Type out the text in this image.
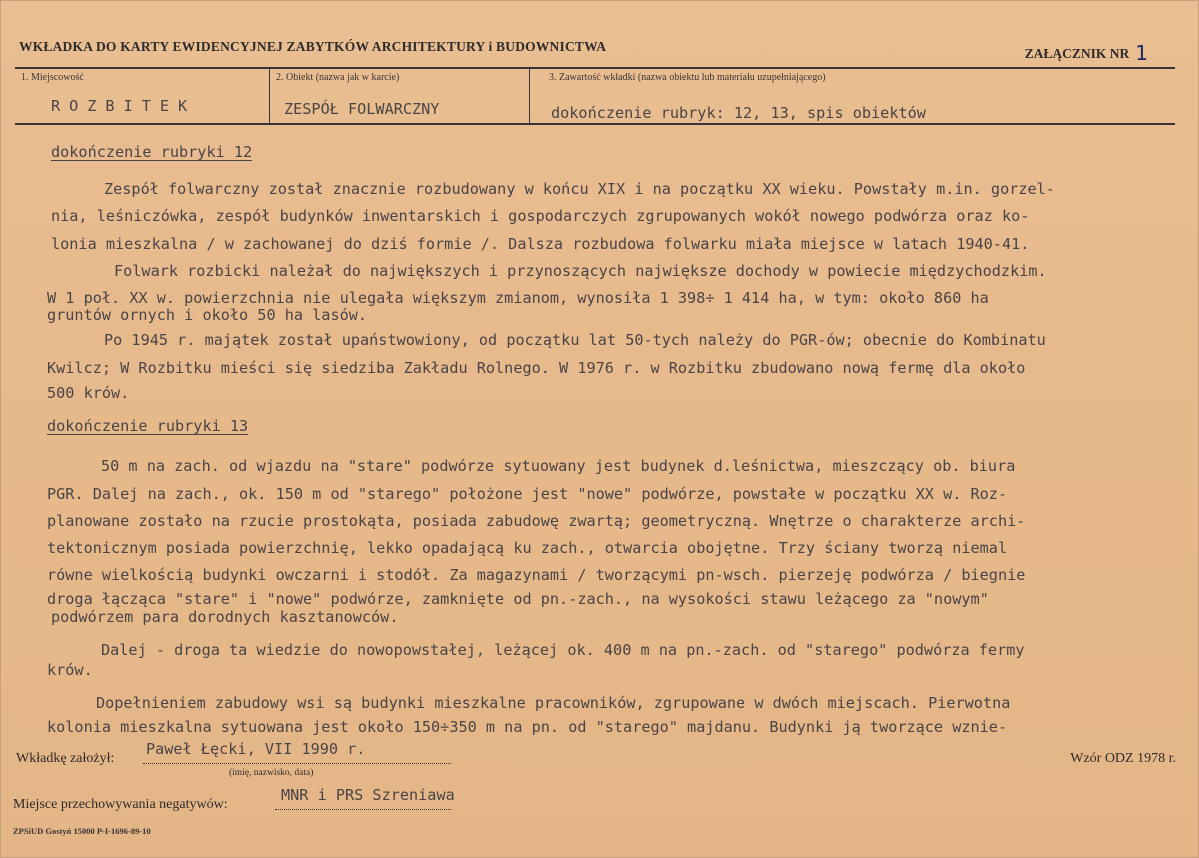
WKŁADKA DO KARTY EWIDENCYJNEJ ZABYTKÓW ARCHITEKTURY i BUDOWNICTWA	ZAŁĄCZNIK NR 1
1. Miejscowość
ROZBITEK
2. Obiekt (nazwa jak w karcie)
ZESPÓŁ FOLWARCZNY
3. Zawartość wkładki (nazwa obiektu lub materiału uzupełniającego)
dokończenie rubryk: 12, 13, spis obiektów
dokończenie rubryki 12
Zespół folwarczny został znacznie rozbudowany w końcu XIX i na początku XX wieku. Powstały m.in. gorzel-
nia, leśniczówka, zespół budynków inwentarskich i gospodarczych zgrupowanych wokół nowego podwórza oraz ko-
lonia mieszkalna / w zachowanej do dziś formie /. Dalsza rozbudowa folwarku miała miejsce w latach 1940-41.
Folwark rozbicki należał do największych i przynoszących największe dochody w powiecie międzychodzkim.
W 1 poł. XX w. powierzchnia nie ulegała większym zmianom, wynosiła 1 398÷ 1 414 ha, w tym: około 860 ha
gruntów ornych i około 50 ha lasów.
Po 1945 r. majątek został upaństwowiony, od początku lat 50-tych należy do PGR-ów; obecnie do Kombinatu
Kwilcz; W Rozbitku mieści się siedziba Zakładu Rolnego. W 1976 r. w Rozbitku zbudowano nową fermę dla około
500 krów.
dokończenie rubryki 13
50 m na zach. od wjazdu na "stare" podwórze sytuowany jest budynek d.leśnictwa, mieszczący ob. biura
PGR. Dalej na zach., ok. 150 m od "starego" położone jest "nowe" podwórze, powstałe w początku XX w. Roz-
planowane zostało na rzucie prostokąta, posiada zabudowę zwartą; geometryczną. Wnętrze o charakterze archi-
tektonicznym posiada powierzchnię, lekko opadającą ku zach., otwarcia obojętne. Trzy ściany tworzą niemal
równe wielkością budynki owczarni i stodół. Za magazynami / tworzącymi pn-wsch. pierzeję podwórza / biegnie
droga łącząca "stare" i "nowe" podwórze, zamknięte od pn.-zach., na wysokości stawu leżącego za "nowym"
podwórzem para dorodnych kasztanowców.
Dalej - droga ta wiedzie do nowopowstałej, leżącej ok. 400 m na pn.-zach. od "starego" podwórza fermy
krów.
Dopełnieniem zabudowy wsi są budynki mieszkalne pracowników, zgrupowane w dwóch miejscach. Pierwotna
kolonia mieszkalna sytuowana jest około 150÷350 m na pn. od "starego" majdanu. Budynki ją tworzące wznie-
Wkładkę założył:
Paweł Łęcki, VII 1990 r.
(imię, nazwisko, data)
Wzór ODZ 1978 r.
Miejsce przechowywania negatywów:
MNR i PRS Szreniawa
ZPSiUD Gostyń 15000 P-I-1696-89-10
